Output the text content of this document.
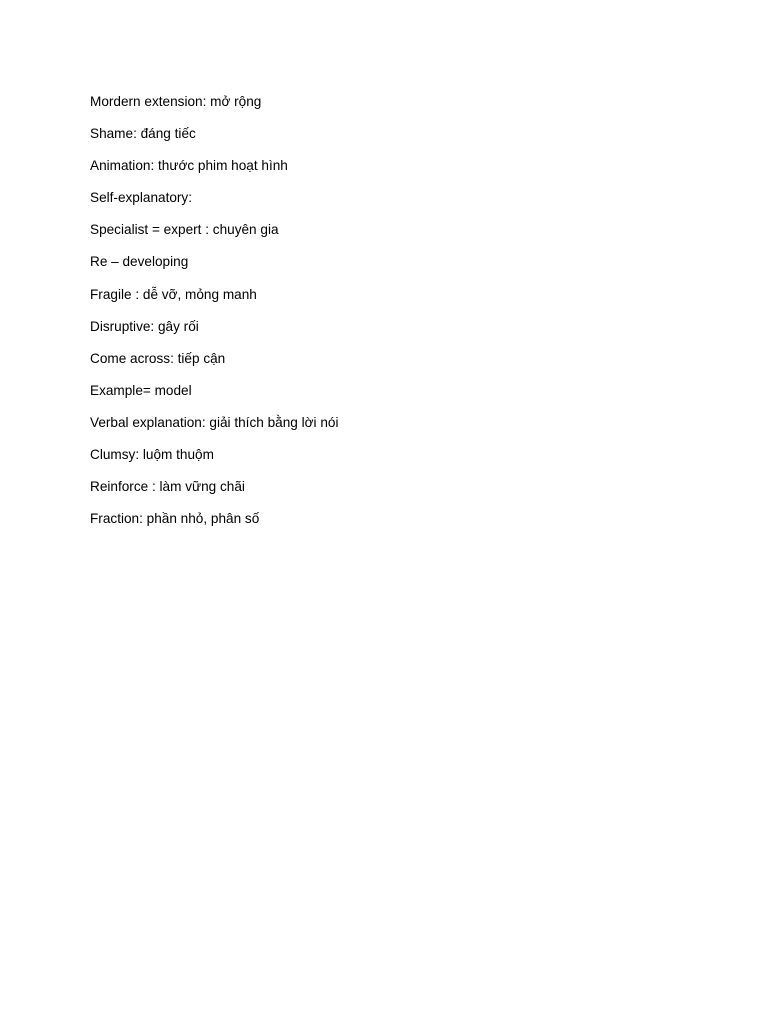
Mordern extension: mở rộng
Shame: đáng tiếc
Animation: thước phim hoạt hình
Self-explanatory:
Specialist = expert : chuyên gia
Re – developing
Fragile : dễ vỡ, mỏng manh
Disruptive: gây rối
Come across: tiếp cận
Example= model
Verbal explanation: giải thích bằng lời nói
Clumsy: luộm thuộm
Reinforce : làm vững chãi
Fraction: phần nhỏ, phân số
